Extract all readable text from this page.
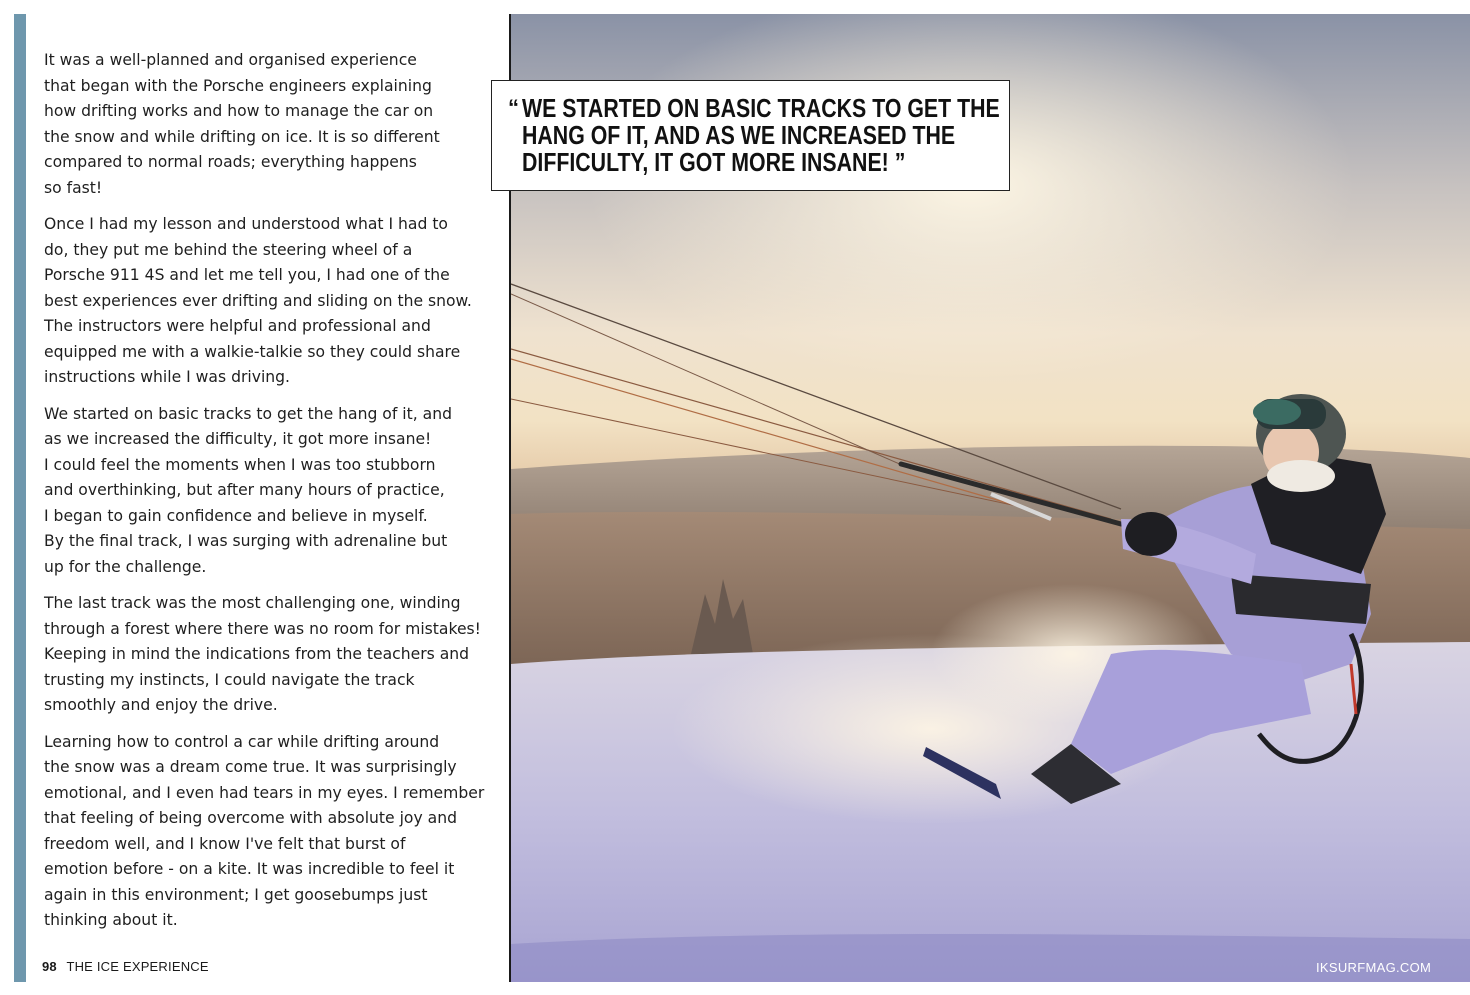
It was a well-planned and organised experience
that began with the Porsche engineers explaining
how drifting works and how to manage the car on
the snow and while drifting on ice. It is so different
compared to normal roads; everything happens
so fast!

Once I had my lesson and understood what I had to
do, they put me behind the steering wheel of a
Porsche 911 4S and let me tell you, I had one of the
best experiences ever drifting and sliding on the snow.
The instructors were helpful and professional and
equipped me with a walkie-talkie so they could share
instructions while I was driving.

We started on basic tracks to get the hang of it, and
as we increased the difficulty, it got more insane!
I could feel the moments when I was too stubborn
and overthinking, but after many hours of practice,
I began to gain confidence and believe in myself.
By the final track, I was surging with adrenaline but
up for the challenge.

The last track was the most challenging one, winding
through a forest where there was no room for mistakes!
Keeping in mind the indications from the teachers and
trusting my instincts, I could navigate the track
smoothly and enjoy the drive.

Learning how to control a car while drifting around
the snow was a dream come true. It was surprisingly
emotional, and I even had tears in my eyes. I remember
that feeling of being overcome with absolute joy and
freedom well, and I know I've felt that burst of
emotion before - on a kite. It was incredible to feel it
again in this environment; I get goosebumps just
thinking about it.

98 THE ICE EXPERIENCE
“ WE STARTED ON BASIC TRACKS TO GET THE HANG OF IT, AND AS WE INCREASED THE DIFFICULTY, IT GOT MORE INSANE! ”
IKSURFMAG.COM
